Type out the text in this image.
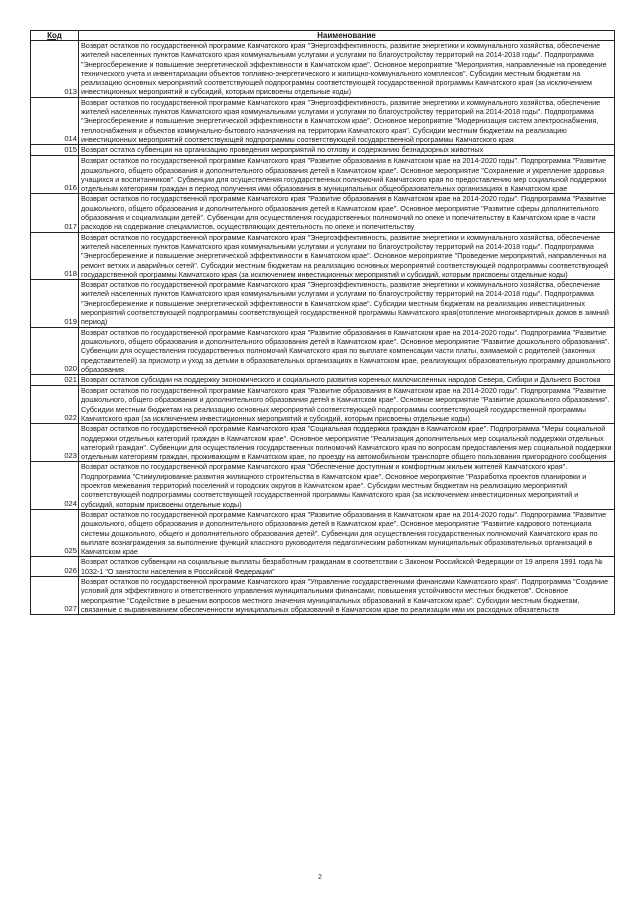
Код	Наименование
013	Возврат остатков по государственной программе Камчатского края "Энергоэффективность, развитие энергетики и коммунального хозяйства, обеспечение жителей населенных пунктов Камчатского края коммунальными услугами и услугами по благоустройству территорий на 2014-2018 годы". Подпрограмма "Энергосбережение и повышение энергетической эффективности в Камчатском крае". Основное мероприятие "Мероприятия, направленные на проведение технического учета и инвентаризации объектов топливно-энергетического и жилищно-коммунального комплексов". Субсидии местным бюджетам на реализацию основных мероприятий соответствующей подпрограммы соответствующей государственной программы Камчатского края (за исключением инвестиционных мероприятий и субсидий, которым присвоены отдельные коды)
014	Возврат остатков по государственной программе Камчатского края "Энергоэффективность, развитие энергетики и коммунального хозяйства, обеспечение жителей населенных пунктов Камчатского края коммунальными услугами и услугами по благоустройству территорий на 2014-2018 годы". Подпрограмма "Энергосбережение и повышение энергетической эффективности в Камчатском крае". Основное мероприятие "Модернизация систем электроснабжения, теплоснабжения и объектов коммунально-бытового назначения на территории Камчатского края". Субсидии местным бюджетам на реализацию инвестиционных мероприятий соответствующей подпрограммы соответствующей государственной программы Камчатского края
015	Возврат остатка субвенции на организацию проведения мероприятий по отлову и содержанию безнадзорных животных
016	Возврат остатков по государственной программе Камчатского края "Развитие образования в Камчатском крае на 2014-2020 годы". Подпрограмма "Развитие дошкольного, общего образования и дополнительного образования детей в Камчатском крае". Основное мероприятие "Сохранение и укрепление здоровья учащихся и воспитанников". Субвенции для осуществления государственных полномочий Камчатского края по предоставлению мер социальной поддержки отдельным категориям граждан в период получения ими образования в муниципальных общеобразовательных организациях в Камчатском крае
017	Возврат остатков по государственной программе Камчатского края "Развитие образования в Камчатском крае на 2014-2020 годы". Подпрограмма "Развитие дошкольного, общего образования и дополнительного образования детей в Камчатском крае". Основное мероприятие "Развитие сферы дополнительного образования и социализации детей". Субвенции для осуществления государственных полномочий по опеке и попечительству в Камчатском крае в части расходов на содержание специалистов, осуществляющих деятельность по опеке и попечительству
018	Возврат остатков по государственной программе Камчатского края "Энергоэффективность, развитие энергетики и коммунального хозяйства, обеспечение жителей населенных пунктов Камчатского края коммунальными услугами и услугами по благоустройству территорий на 2014-2018 годы". Подпрограмма "Энергосбережение и повышение энергетической эффективности в Камчатском крае". Основное мероприятие "Проведение мероприятий, направленных на ремонт ветхих и аварийных сетей". Субсидии местным бюджетам на реализацию основных мероприятий соответствующей подпрограммы соответствующей государственной программы Камчатского края (за исключением инвестиционных мероприятий и субсидий, которым присвоены отдельные коды)
019	Возврат остатков по государственной программе Камчатского края "Энергоэффективность, развитие энергетики и коммунального хозяйства, обеспечение жителей населенных пунктов Камчатского края коммунальными услугами и услугами по благоустройству территорий на 2014-2018 годы". Подпрограмма "Энергосбережение и повышение энергетической эффективности в Камчатском крае". Субсидии местным бюджетам на реализацию инвестиционных мероприятий соответствующей подпрограммы соответствующей государственной программы Камчатского края(отопление многоквартирных домов в зимний период)
020	Возврат остатков по государственной программе Камчатского края "Развитие образования в Камчатском крае на 2014-2020 годы". Подпрограмма "Развитие дошкольного, общего образования и дополнительного образования детей в Камчатском крае". Основное мероприятие "Развитие дошкольного образования". Субвенции для осуществления государственных полномочий Камчатского края по выплате компенсации части платы, взимаемой с родителей (законных представителей) за присмотр и уход за детьми в образовательных организациях в Камчатском крае, реализующих образовательную программу дошкольного образования
021	Возврат остатков субсидии на поддержку экономического и социального развития коренных малочисленных народов Севера, Сибири и Дальнего Востока
022	Возврат остатков по государственной программе Камчатского края "Развитие образования в Камчатском крае на 2014-2020 годы". Подпрограмма "Развитие дошкольного, общего образования и дополнительного образования детей в Камчатском крае". Основное мероприятие "Развитие дошкольного образования". Субсидии местным бюджетам на реализацию основных мероприятий соответствующей подпрограммы соответствующей государственной программы Камчатского края (за исключением инвестиционных мероприятий и субсидий, которым присвоены отдельные коды)
023	Возврат остатков по государственной программе Камчатского края "Социальная поддержка граждан в Камчатском крае". Подпрограмма "Меры социальной поддержки отдельных категорий граждан в Камчатском крае". Основное мероприятие "Реализация дополнительных мер социальной поддержки отдельных категорий граждан". Субвенции для осуществления государственных полномочий Камчатского края по вопросам предоставления мер социальной поддержки отдельным категориям граждан, проживающим в Камчатском крае, по проезду на автомобильном транспорте общего пользования пригородного сообщения
024	Возврат остатков по государственной программе Камчатского края "Обеспечение доступным и комфортным жильем жителей Камчатского края". Подпрограмма "Стимулирование развития жилищного строительства в Камчатском крае". Основное мероприятие "Разработка проектов планировки и проектов межевания территорий поселений и городских округов в Камчатском крае". Субсидии местным бюджетам на реализацию мероприятий соответствующей подпрограммы соответствующей государственной программы Камчатского края (за исключением инвестиционных мероприятий и субсидий, которым присвоены отдельные коды)
025	Возврат остатков по государственной программе Камчатского края "Развитие образования в Камчатском крае на 2014-2020 годы". Подпрограмма "Развитие дошкольного, общего образования и дополнительного образования детей в Камчатском крае". Основное мероприятие "Развитие кадрового потенциала системы дошкольного, общего и дополнительного образования детей". Субвенции для осуществления государственных полномочий Камчатского края по выплате вознаграждения за выполнение функций классного руководителя педагогическим работникам муниципальных образовательных организаций в Камчатском крае
026	Возврат остатков субвенции на социальные выплаты безработным гражданам в соответствии с Законом Российской Федерации от 19 апреля 1991 года № 1032-1 "О занятости населения в Российской Федерации"
027	Возврат остатков по государственной программе Камчатского края "Управление государственными финансами Камчатского края". Подпрограмма "Создание условий для эффективного и ответственного управления муниципальными финансами, повышения устойчивости местных бюджетов". Основное мероприятие "Содействие в решении вопросов местного значения муниципальных образований в Камчатском крае". Субсидии местным бюджетам, связанные с выравниванием обеспеченности муниципальных образований в Камчатском крае по реализации ими их расходных обязательств
2
